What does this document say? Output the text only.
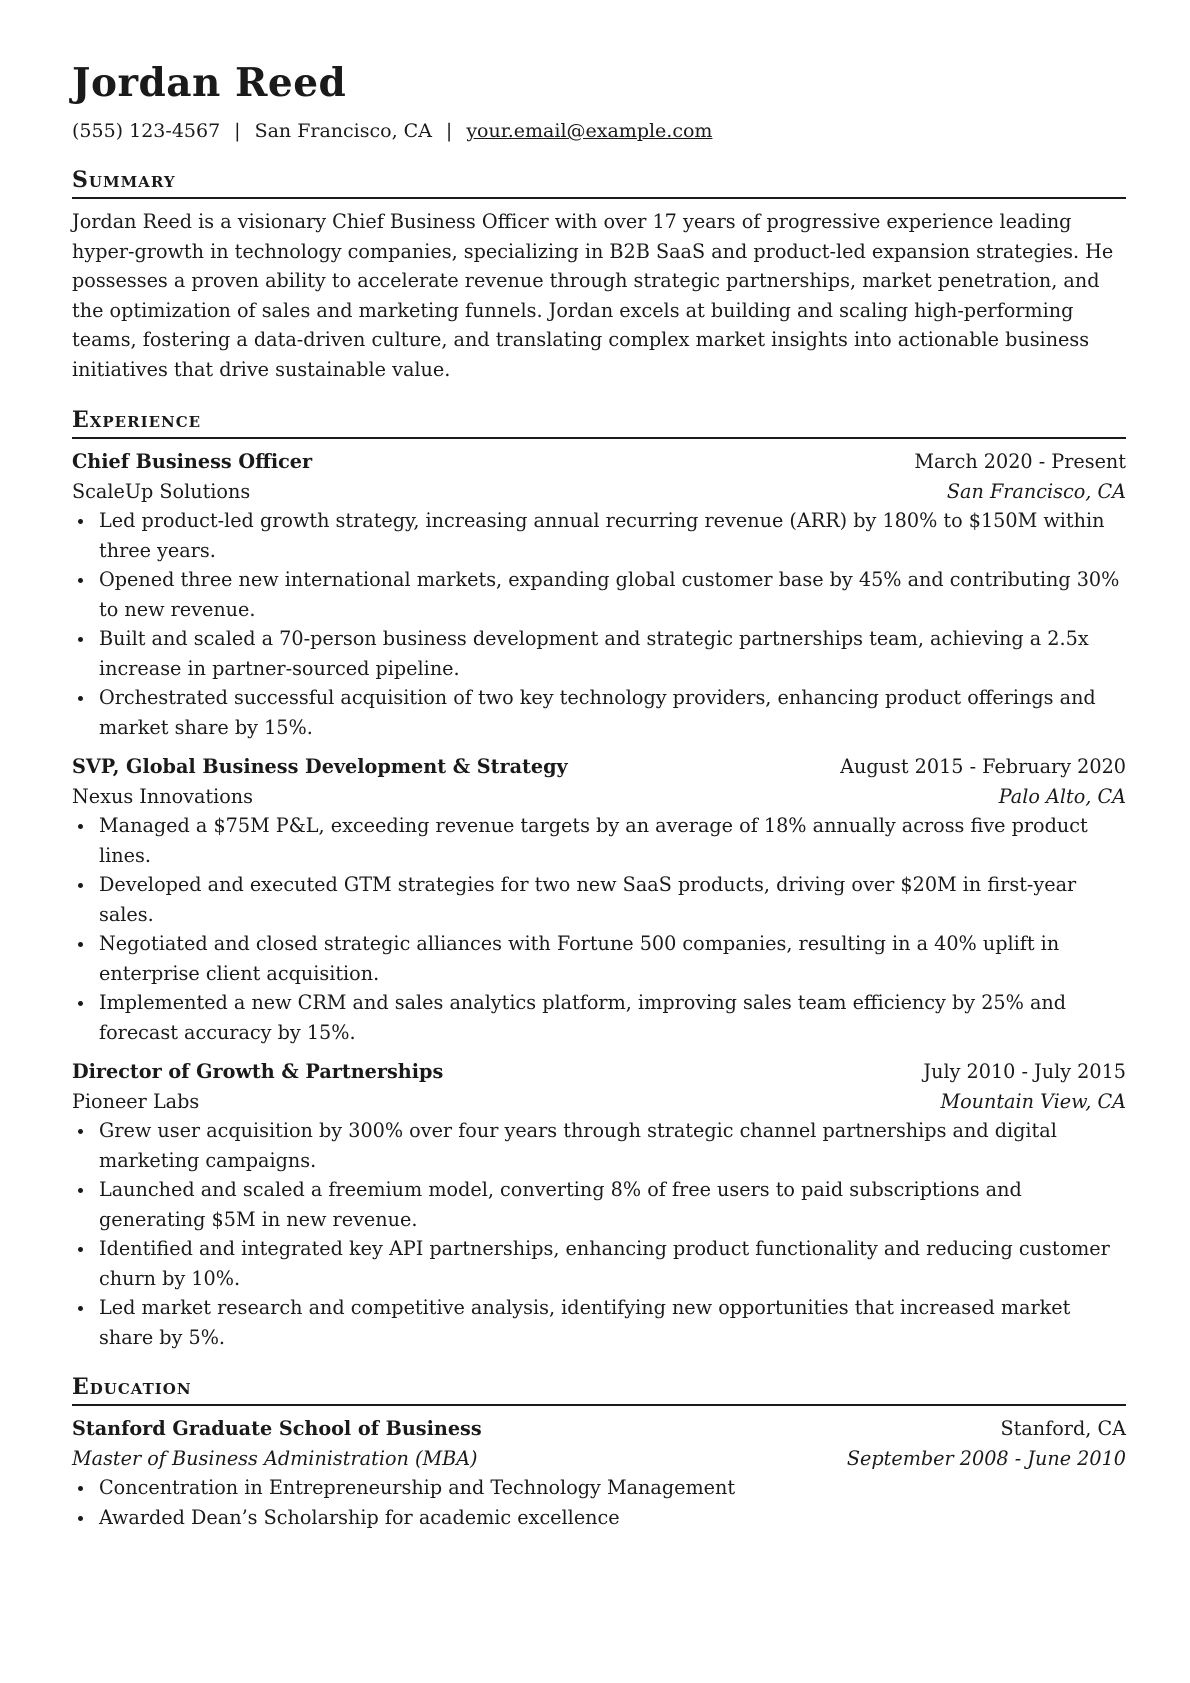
Jordan Reed
(555) 123-4567 | San Francisco, CA | your.email@example.com
Summary

Jordan Reed is a visionary Chief Business Officer with over 17 years of progressive experience leading hyper-growth in technology companies, specializing in B2B SaaS and product-led expansion strategies. He possesses a proven ability to accelerate revenue through strategic partnerships, market penetration, and the optimization of sales and marketing funnels. Jordan excels at building and scaling high-performing teams, fostering a data-driven culture, and translating complex market insights into actionable business initiatives that drive sustainable value.

Experience
Chief Business Officer	March 2020 - Present
ScaleUp Solutions	San Francisco, CA
Led product-led growth strategy, increasing annual recurring revenue (ARR) by 180% to $150M within three years.
Opened three new international markets, expanding global customer base by 45% and contributing 30% to new revenue.
Built and scaled a 70-person business development and strategic partnerships team, achieving a 2.5x increase in partner-sourced pipeline.
Orchestrated successful acquisition of two key technology providers, enhancing product offerings and market share by 15%.
SVP, Global Business Development & Strategy	August 2015 - February 2020
Nexus Innovations	Palo Alto, CA
Managed a $75M P&L, exceeding revenue targets by an average of 18% annually across five product lines.
Developed and executed GTM strategies for two new SaaS products, driving over $20M in first-year sales.
Negotiated and closed strategic alliances with Fortune 500 companies, resulting in a 40% uplift in enterprise client acquisition.
Implemented a new CRM and sales analytics platform, improving sales team efficiency by 25% and forecast accuracy by 15%.
Director of Growth & Partnerships	July 2010 - July 2015
Pioneer Labs	Mountain View, CA
Grew user acquisition by 300% over four years through strategic channel partnerships and digital marketing campaigns.
Launched and scaled a freemium model, converting 8% of free users to paid subscriptions and generating $5M in new revenue.
Identified and integrated key API partnerships, enhancing product functionality and reducing customer churn by 10%.
Led market research and competitive analysis, identifying new opportunities that increased market share by 5%.
Education
Stanford Graduate School of Business	Stanford, CA
Master of Business Administration (MBA)	September 2008 - June 2010
Concentration in Entrepreneurship and Technology Management
Awarded Dean’s Scholarship for academic excellence
